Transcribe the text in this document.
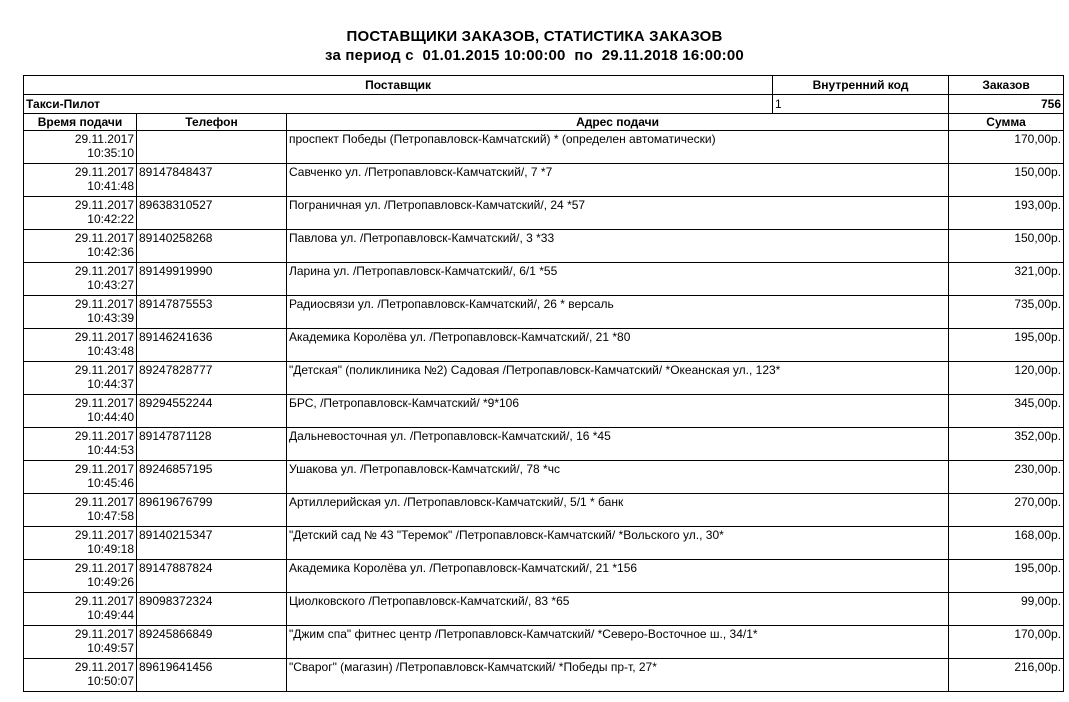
ПОСТАВЩИКИ ЗАКАЗОВ, СТАТИСТИКА ЗАКАЗОВ
за период с  01.01.2015 10:00:00  по  29.11.2018 16:00:00
Поставщик			Внутренний код	Заказов
Такси-Пилот			1	756
Время подачи	Телефон	Адрес подачи		Сумма

29.11.2017
10:35:10		проспект Победы (Петропавловск-Камчатский) * (определен автоматически)		170,00р.

29.11.2017
10:41:48	89147848437	Савченко ул. /Петропавловск-Камчатский/, 7 *7		150,00р.

29.11.2017
10:42:22	89638310527	Пограничная ул. /Петропавловск-Камчатский/, 24 *57		193,00р.

29.11.2017
10:42:36	89140258268	Павлова ул. /Петропавловск-Камчатский/, 3 *33		150,00р.

29.11.2017
10:43:27	89149919990	Ларина ул. /Петропавловск-Камчатский/, 6/1 *55		321,00р.

29.11.2017
10:43:39	89147875553	Радиосвязи ул. /Петропавловск-Камчатский/, 26 * версаль		735,00р.

29.11.2017
10:43:48	89146241636	Академика Королёва ул. /Петропавловск-Камчатский/, 21 *80		195,00р.

29.11.2017
10:44:37	89247828777	"Детская" (поликлиника №2) Садовая /Петропавловск-Камчатский/ *Океанская ул., 123*		120,00р.

29.11.2017
10:44:40	89294552244	БРС, /Петропавловск-Камчатский/ *9*106		345,00р.

29.11.2017
10:44:53	89147871128	Дальневосточная ул. /Петропавловск-Камчатский/, 16 *45		352,00р.

29.11.2017
10:45:46	89246857195	Ушакова ул. /Петропавловск-Камчатский/, 78 *чс		230,00р.

29.11.2017
10:47:58	89619676799	Артиллерийская ул. /Петропавловск-Камчатский/, 5/1 * банк		270,00р.

29.11.2017
10:49:18	89140215347	"Детский сад № 43 "Теремок" /Петропавловск-Камчатский/ *Вольского ул., 30*		168,00р.

29.11.2017
10:49:26	89147887824	Академика Королёва ул. /Петропавловск-Камчатский/, 21 *156		195,00р.

29.11.2017
10:49:44	89098372324	Циолковского /Петропавловск-Камчатский/, 83 *65		99,00р.

29.11.2017
10:49:57	89245866849	"Джим спа" фитнес центр /Петропавловск-Камчатский/ *Северо-Восточное ш., 34/1*		170,00р.

29.11.2017
10:50:07	89619641456	"Сварог" (магазин) /Петропавловск-Камчатский/ *Победы пр-т, 27*		216,00р.
